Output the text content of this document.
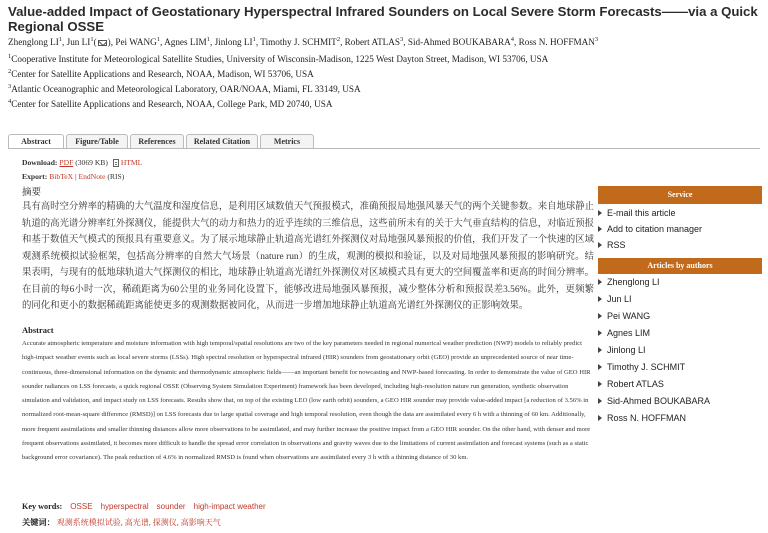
Value-added Impact of Geostationary Hyperspectral Infrared Sounders on Local Severe Storm Forecasts——via a Quick Regional OSSE
Zhenglong $LI^1$, Jun $LI^1$( ), Pei WANG$^1$, Agnes LIM$^1$, Jinlong $LI^1$, Timothy J. SCHMIT$^2$, Robert ATLAS$^3$, Sid-Ahmed BOUKABARA$^4$, Ross N. HOFFMAN$^3$
$^1$Cooperative Institute for Meteorological Satellite Studies, University of Wisconsin-Madison, 1225 West Dayton Street, Madison, WI 53706, USA
$^2$Center for Satellite Applications and Research, NOAA, Madison, WI 53706, USA
$^3$Atlantic Oceanographic and Meteorological Laboratory, OAR/NOAA, Miami, FL 33149, USA
$^4$Center for Satellite Applications and Research, NOAA, College Park, MD 20740, USA
Abstract	Figure/Table	References	Related Citation	Metrics
Download: PDF (3069 KB) HTML
Export: BibTeX | EndNote (RIS)
摘要

具有高时空分辨率的精确的大气温度和湿度信息，是利用区域数值天气预报模式，准确预报局地强风暴天气的两个关键参数。来自地球静止轨道的高光谱分辨率红外探测仪，能提供大气的动力和热力的近乎连续的三维信息，这些前所未有的关于大气垂直结构的信息，对临近预报和基于数值天气模式的预报具有重要意义。为了展示地球静止轨道高光谱红外探测仪对局地强风暴预报的价值，我们开发了一个快速的区域观测系统模拟试验框架，包括高分辨率的自然大气场景（nature run）的生成，观测的模拟和验证，以及对局地强风暴预报的影响研究。结果表明，与现有的低地球轨道大气探测仪的相比，地球静止轨道高光谱红外探测仪对区域模式具有更大的空间覆盖率和更高的时间分辨率。在目前的每6小时一次，稀疏距离为60公里的业务同化设置下，能够改进局地强风暴预报，减少整体分析和预报误差3.56%。此外，更频繁的同化和更小的数据稀疏距离能使更多的观测数据被同化，从而进一步增加地球静止轨道高光谱红外探测仪的正影响效果。

Abstract

Accurate atmospheric temperature and moisture information with high temporal/spatial resolutions are two of the key parameters needed in regional numerical weather prediction (NWP) models to reliably predict high-impact weather events such as local severe storms (LSSs). High spectral resolution or hyperspectral infrared (HIR) sounders from geostationary orbit (GEO) provide an unprecedented source of near time-continuous, three-dimensional information on the dynamic and thermodynamic atmospheric fields——an important benefit for nowcasting and NWP-based forecasting. In order to demonstrate the value of GEO HIR sounder radiances on LSS forecasts, a quick regional OSSE (Observing System Simulation Experiment) framework has been developed, including high-resolution nature run generation, synthetic observation simulation and validation, and impact study on LSS forecasts. Results show that, on top of the existing LEO (low earth orbit) sounders, a GEO HIR sounder may provide value-added impact [a reduction of 3.56% in normalized root-mean-square difference (RMSD)] on LSS forecasts due to large spatial coverage and high temporal resolution, even though the data are assimilated every 6 h with a thinning of 60 km. Additionally, more frequent assimilations and smaller thinning distances allow more observations to be assimilated, and may further increase the positive impact from a GEO HIR sounder. On the other hand, with denser and more frequent observations assimilated, it becomes more difficult to handle the spread error correlation in observations and gravity waves due to the limitations of current assimilation and forecast systems (such as a static background error covariance). The peak reduction of 4.6% in normalized RMSD is found when observations are assimilated every 3 h with a thinning distance of 30 km.

Key words: OSSE hyperspectral sounder high-impact weather
关键词： 观测系统模拟试验, 高光谱, 探测仪, 高影响天气
Service
E-mail this article
Add to citation manager
RSS
Articles by authors
Zhenglong LI
Jun LI
Pei WANG
Agnes LIM
Jinlong LI
Timothy J. SCHMIT
Robert ATLAS
Sid-Ahmed BOUKABARA
Ross N. HOFFMAN
